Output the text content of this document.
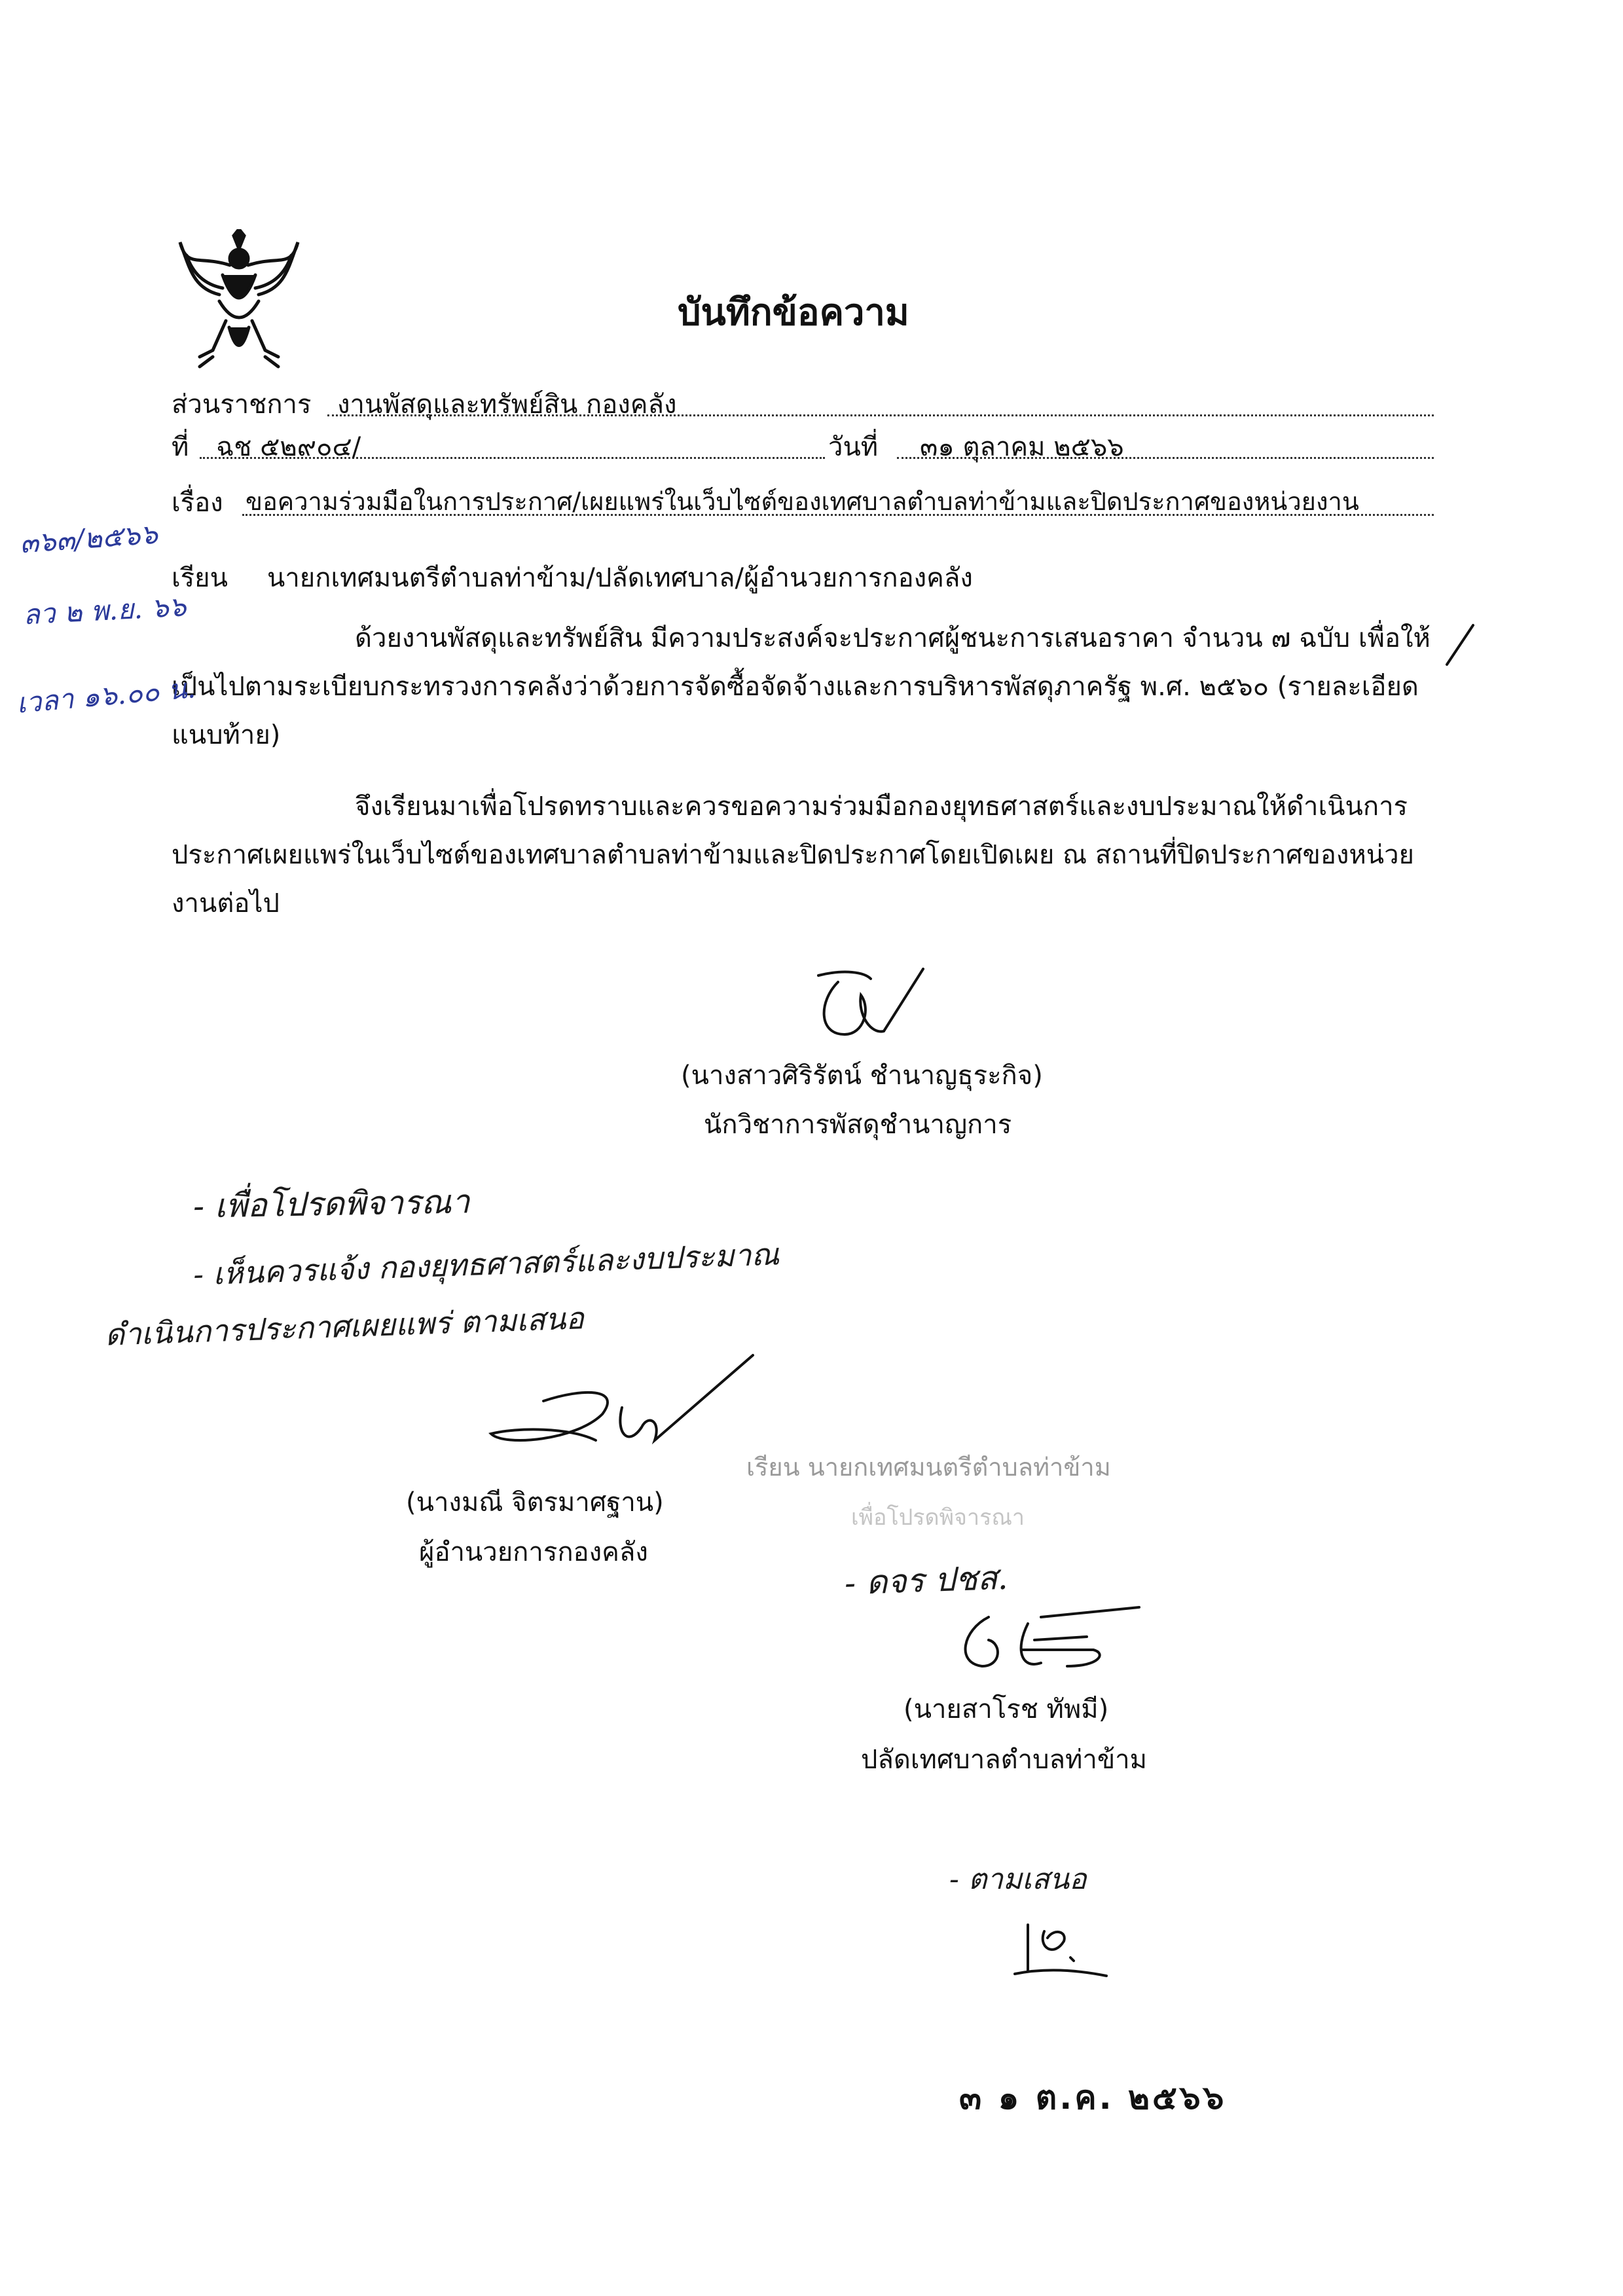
บันทึกข้อความ
ส่วนราชการ งานพัสดุและทรัพย์สิน กองคลัง
ที่ ฉช ๕๒๙๐๔/	วันที่ ๓๑ ตุลาคม ๒๕๖๖
เรื่อง ขอความร่วมมือในการประกาศ/เผยแพร่ในเว็บไซต์ของเทศบาลตำบลท่าข้ามและปิดประกาศของหน่วยงาน
เรียน นายกเทศมนตรีตำบลท่าข้าม/ปลัดเทศบาล/ผู้อำนวยการกองคลัง
ด้วยงานพัสดุและทรัพย์สิน มีความประสงค์จะประกาศผู้ชนะการเสนอราคา จำนวน ๗ ฉบับ เพื่อให้เป็นไปตามระเบียบกระทรวงการคลังว่าด้วยการจัดซื้อจัดจ้างและการบริหารพัสดุภาครัฐ พ.ศ. ๒๕๖๐ (รายละเอียดแนบท้าย)
จึงเรียนมาเพื่อโปรดทราบและควรขอความร่วมมือกองยุทธศาสตร์และงบประมาณให้ดำเนินการประกาศเผยแพร่ในเว็บไซต์ของเทศบาลตำบลท่าข้ามและปิดประกาศโดยเปิดเผย ณ สถานที่ปิดประกาศของหน่วยงานต่อไป
๓๖๓/๒๕๖๖
ลว ๒ พ.ย. ๖๖
เวลา ๑๖.๐๐ น.
(นางสาวศิริรัตน์ ชำนาญธุระกิจ)
นักวิชาการพัสดุชำนาญการ
- เพื่อโปรดพิจารณา
- เห็นควรแจ้ง กองยุทธศาสตร์และงบประมาณ
ดำเนินการประกาศเผยแพร่ ตามเสนอ
(นางมณี จิตรมาศฐาน)
ผู้อำนวยการกองคลัง
เรียน นายกเทศมนตรีตำบลท่าข้าม
เพื่อโปรดพิจารณา
- ดจร ปชส.
(นายสาโรช ทัพมี)
ปลัดเทศบาลตำบลท่าข้าม
- ตามเสนอ
๓ ๑ ต.ค. ๒๕๖๖
